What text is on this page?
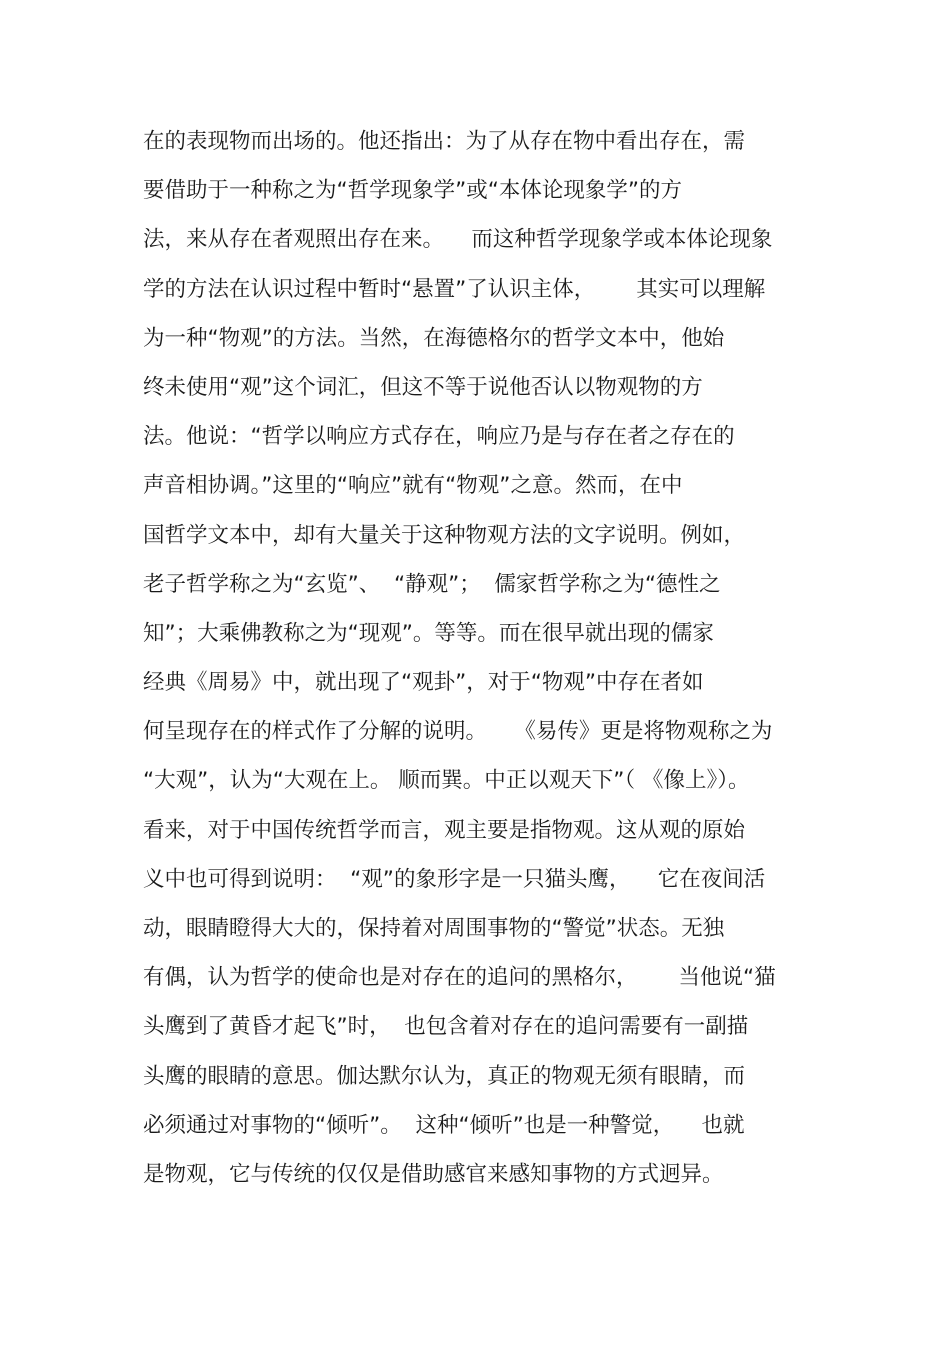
在的表现物而出场的。他还指出：为了从存在物中看出存在，需
要借助于一种称之为“哲学现象学”或“本体论现象学”的方
法，来从存在者观照出存在来。    而这种哲学现象学或本体论现象
学的方法在认识过程中暂时“悬置”了认识主体，      其实可以理解
为一种“物观”的方法。当然，在海德格尔的哲学文本中，他始
终未使用“观”这个词汇，但这不等于说他否认以物观物的方
法。他说：“哲学以响应方式存在，响应乃是与存在者之存在的
声音相协调。”这里的“响应”就有“物观”之意。然而，在中
国哲学文本中，却有大量关于这种物观方法的文字说明。例如，
老子哲学称之为“玄览”、  “静观”；  儒家哲学称之为“德性之
知”；大乘佛教称之为“现观”。等等。而在很早就出现的儒家
经典《周易》中，就出现了“观卦”，对于“物观”中存在者如
何呈现存在的样式作了分解的说明。    《易传》更是将物观称之为
“大观”，认为“大观在上。 顺而巽。中正以观天下”（ 《像上》）。
看来，对于中国传统哲学而言，观主要是指物观。这从观的原始
义中也可得到说明：  “观”的象形字是一只猫头鹰，    它在夜间活
动，眼睛瞪得大大的，保持着对周围事物的“警觉”状态。无独
有偶，认为哲学的使命也是对存在的追问的黑格尔，      当他说“猫
头鹰到了黄昏才起飞”时，  也包含着对存在的追问需要有一副描
头鹰的眼睛的意思。伽达默尔认为，真正的物观无须有眼睛，而
必须通过对事物的“倾听”。  这种“倾听”也是一种警觉，    也就
是物观，它与传统的仅仅是借助感官来感知事物的方式迥异。
